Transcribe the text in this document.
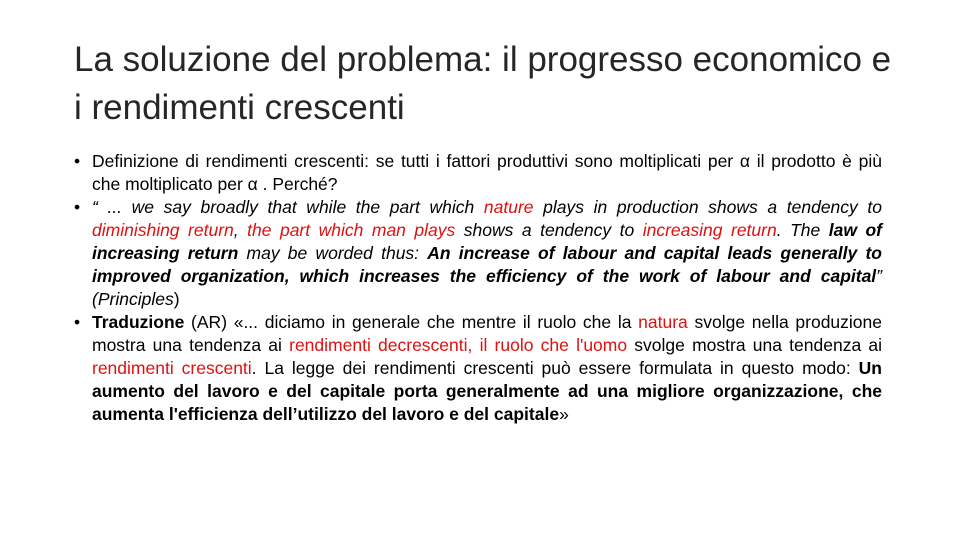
La soluzione del problema: il progresso economico e i rendimenti crescenti
• Definizione di rendimenti crescenti: se tutti i fattori produttivi sono moltiplicati per α il prodotto è più che moltiplicato per α . Perché?
• “ ... we say broadly that while the part which nature plays in production shows a tendency to diminishing return, the part which man plays shows a tendency to increasing return. The law of increasing return may be worded thus: An increase of labour and capital leads generally to improved organization, which increases the efficiency of the work of labour and capital” (Principles)
• Traduzione (AR) «... diciamo in generale che mentre il ruolo che la natura svolge nella produzione mostra una tendenza ai rendimenti decrescenti, il ruolo che l'uomo svolge mostra una tendenza ai rendimenti crescenti. La legge dei rendimenti crescenti può essere formulata in questo modo: Un aumento del lavoro e del capitale porta generalmente ad una migliore organizzazione, che aumenta l'efficienza dell’utilizzo del lavoro e del capitale»
